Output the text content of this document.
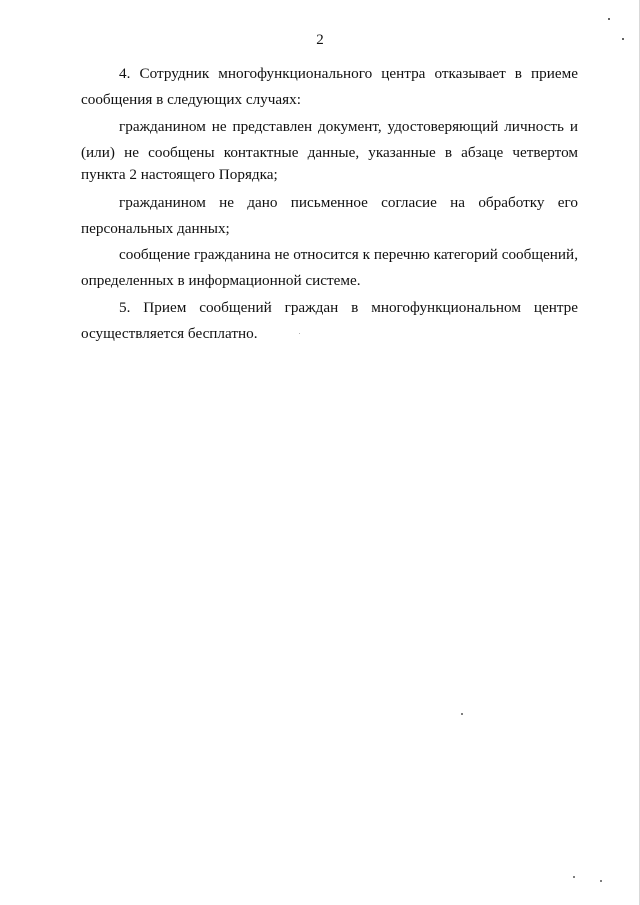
2

4. Сотрудник многофункционального центра отказывает в приеме
сообщения в следующих случаях:

гражданином не представлен документ, удостоверяющий личность и
(или) не сообщены контактные данные, указанные в абзаце четвертом
пункта 2 настоящего Порядка;

гражданином не дано письменное согласие на обработку его
персональных данных;

сообщение гражданина не относится к перечню категорий сообщений,
определенных в информационной системе.

5. Прием сообщений граждан в многофункциональном центре
осуществляется бесплатно.
